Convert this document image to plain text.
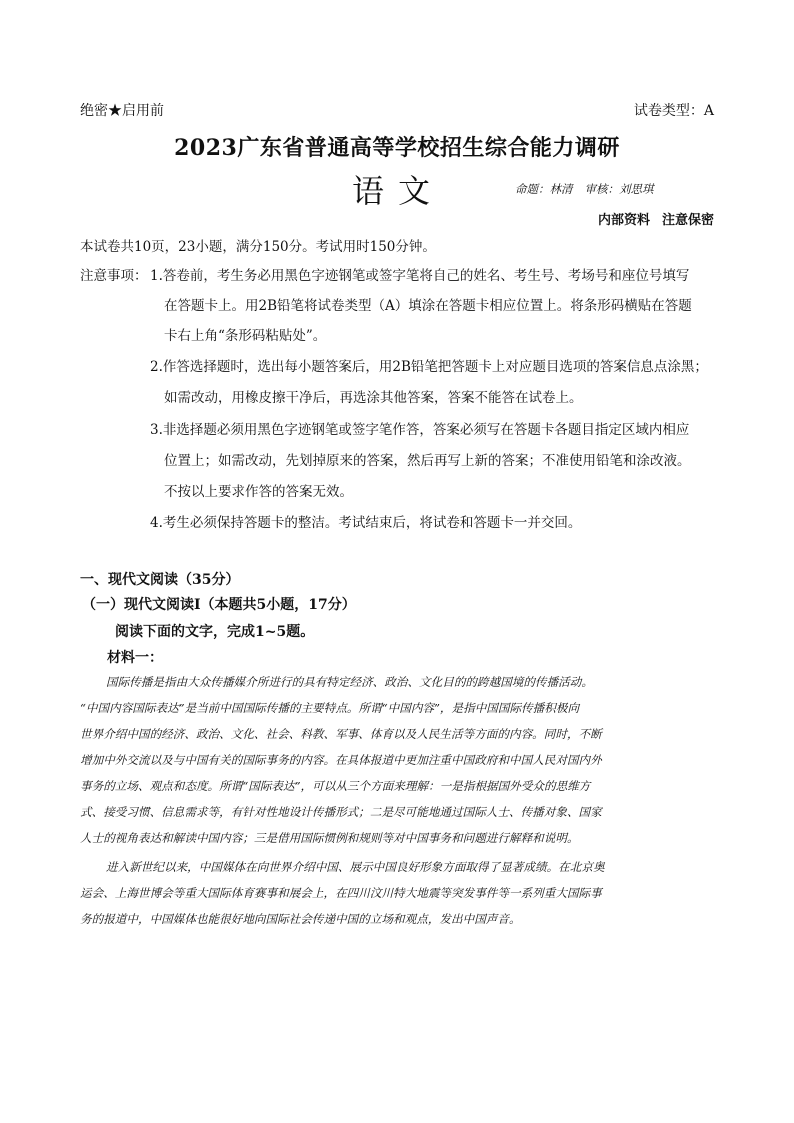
绝密★启用前	试卷类型：A
2023广东省普通高等学校招生综合能力调研
语文	命题：林清 审核：刘思琪
内部资料 注意保密
本试卷共10页，23小题，满分150分。考试用时150分钟。
注意事项： 1.答卷前，考生务必用黑色字迹钢笔或签字笔将自己的姓名、考生号、考场号和座位号填写
在答题卡上。用2B铅笔将试卷类型（A）填涂在答题卡相应位置上。将条形码横贴在答题
卡右上角“条形码粘贴处”。
2.作答选择题时，选出每小题答案后，用2B铅笔把答题卡上对应题目选项的答案信息点涂黑；
如需改动，用橡皮擦干净后，再选涂其他答案，答案不能答在试卷上。
3.非选择题必须用黑色字迹钢笔或签字笔作答，答案必须写在答题卡各题目指定区域内相应
位置上；如需改动，先划掉原来的答案，然后再写上新的答案；不准使用铅笔和涂改液。
不按以上要求作答的答案无效。
4.考生必须保持答题卡的整洁。考试结束后，将试卷和答题卡一并交回。
一、现代文阅读（35分）
（一）现代文阅读Ⅰ（本题共5小题，17分）
阅读下面的文字，完成1~5题。
材料一：
国际传播是指由大众传播媒介所进行的具有特定经济、政治、文化目的的跨越国境的传播活动。
“中国内容国际表达”是当前中国国际传播的主要特点。所谓“中国内容”，是指中国国际传播积极向
世界介绍中国的经济、政治、文化、社会、科教、军事、体育以及人民生活等方面的内容。同时，不断
增加中外交流以及与中国有关的国际事务的内容。在具体报道中更加注重中国政府和中国人民对国内外
事务的立场、观点和态度。所谓“国际表达”，可以从三个方面来理解：一是指根据国外受众的思维方
式、接受习惯、信息需求等，有针对性地设计传播形式；二是尽可能地通过国际人士、传播对象、国家
人士的视角表达和解读中国内容；三是借用国际惯例和规则等对中国事务和问题进行解释和说明。
进入新世纪以来，中国媒体在向世界介绍中国、展示中国良好形象方面取得了显著成绩。在北京奥
运会、上海世博会等重大国际体育赛事和展会上，在四川汶川特大地震等突发事件等一系列重大国际事
务的报道中，中国媒体也能很好地向国际社会传递中国的立场和观点，发出中国声音。
